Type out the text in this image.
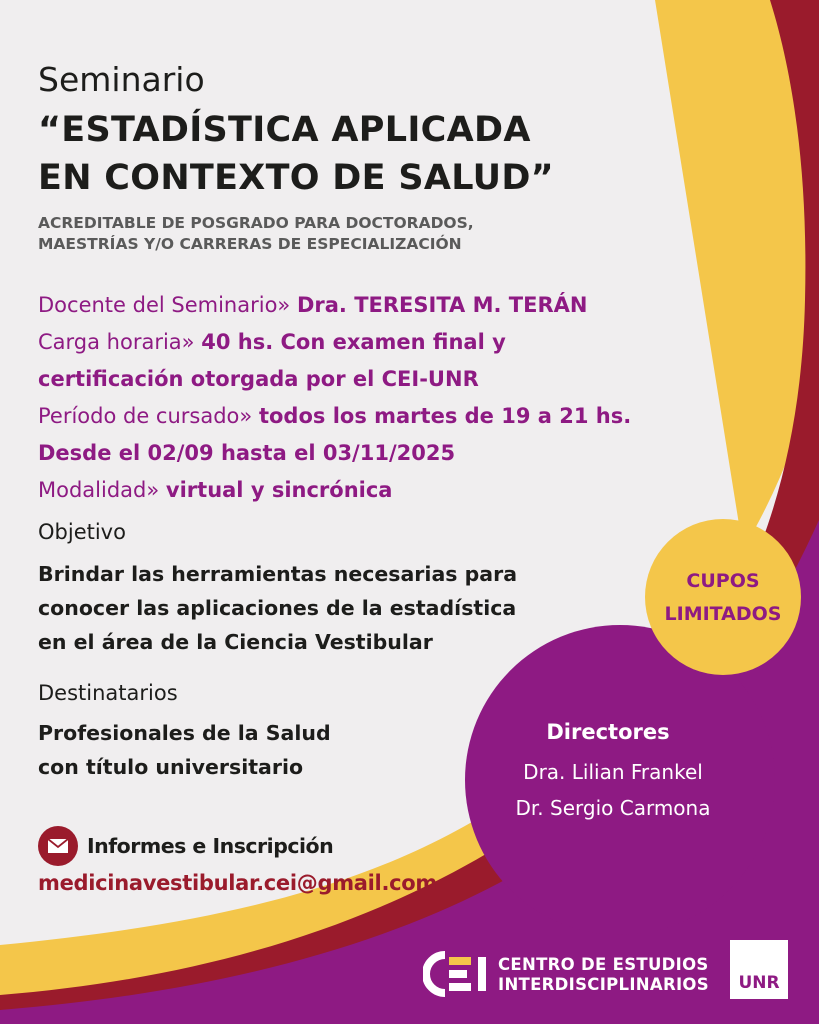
Seminario
“ESTADÍSTICA APLICADA
EN CONTEXTO DE SALUD”
ACREDITABLE DE POSGRADO PARA DOCTORADOS,
MAESTRÍAS Y/O CARRERAS DE ESPECIALIZACIÓN
Docente del Seminario» Dra. TERESITA M. TERÁN
Carga horaria» 40 hs. Con examen final y
certificación otorgada por el CEI-UNR
Período de cursado» todos los martes de 19 a 21 hs.
Desde el 02/09 hasta el 03/11/2025
Modalidad» virtual y sincrónica
Objetivo
Brindar las herramientas necesarias para
conocer las aplicaciones de la estadística
en el área de la Ciencia Vestibular
Destinatarios
Profesionales de la Salud
con título universitario
Informes e Inscripción
medicinavestibular.cei@gmail.com
CUPOS
LIMITADOS
Directores
Dra. Lilian Frankel
Dr. Sergio Carmona
CENTRO DE ESTUDIOS
INTERDISCIPLINARIOS UNR
